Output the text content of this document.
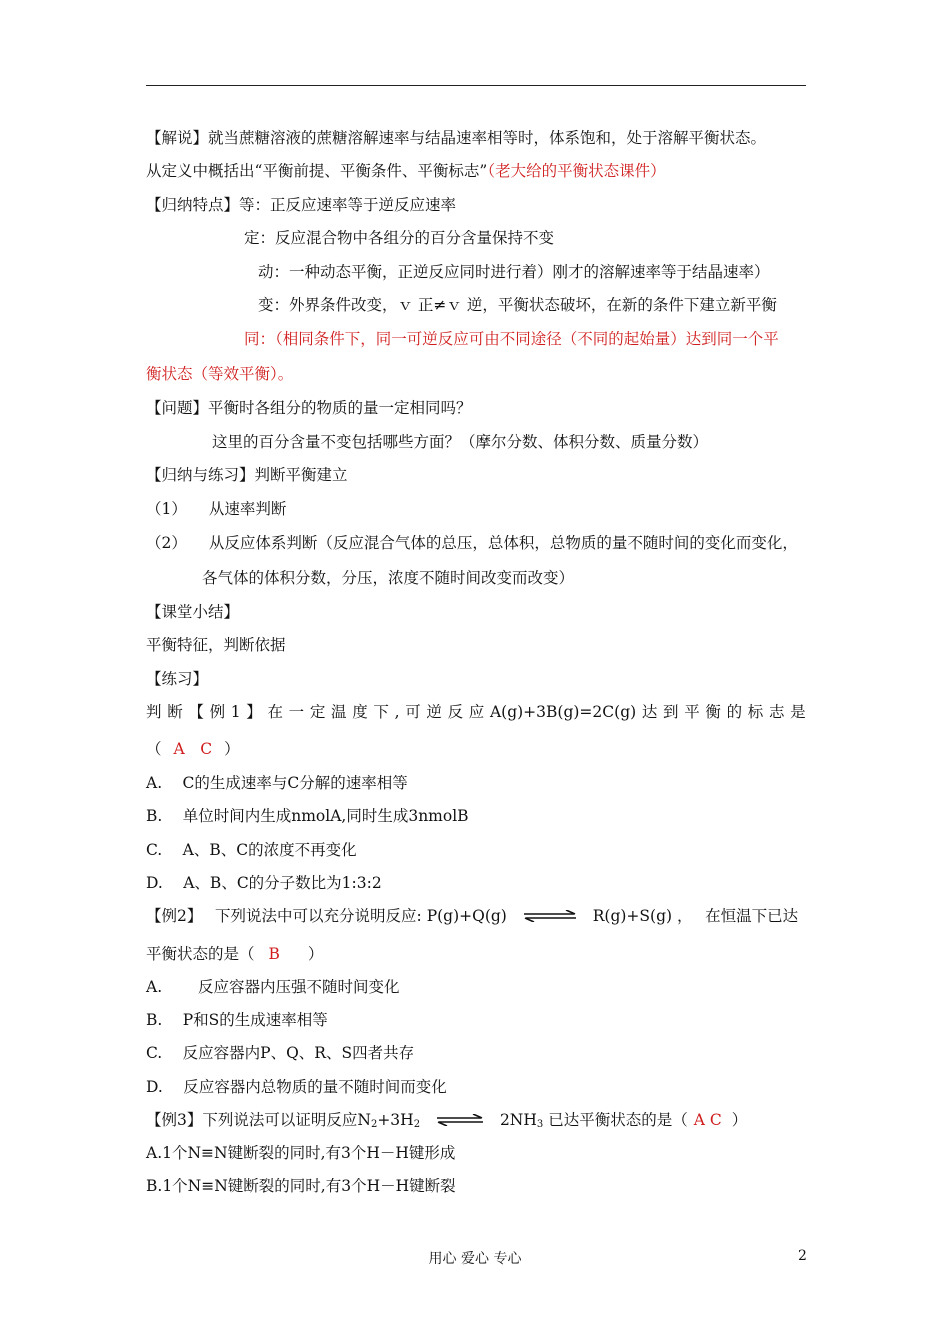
【解说】就当蔗糖溶液的蔗糖溶解速率与结晶速率相等时，体系饱和，处于溶解平衡状态。
从定义中概括出“平衡前提、平衡条件、平衡标志”（老大给的平衡状态课件）
【归纳特点】等：正反应速率等于逆反应速率
定：反应混合物中各组分的百分含量保持不变
动：一种动态平衡，正逆反应同时进行着）刚才的溶解速率等于结晶速率）
变：外界条件改变，ｖ 正≠ｖ 逆，平衡状态破坏，在新的条件下建立新平衡
同：（相同条件下，同一可逆反应可由不同途径（不同的起始量）达到同一个平
衡状态（等效平衡）。
【问题】平衡时各组分的物质的量一定相同吗？
这里的百分含量不变包括哪些方面？（摩尔分数、体积分数、质量分数）
【归纳与练习】判断平衡建立
（1） 从速率判断
（2） 从反应体系判断（反应混合气体的总压，总体积，总物质的量不随时间的变化而变化，
各气体的体积分数，分压，浓度不随时间改变而改变）
【课堂小结】
平衡特征，判断依据
【练习】
判 断 【 例 1 】 在 一 定 温 度 下 , 可 逆 反 应 A(g)+3B(g)=2C(g) 达 到 平 衡 的 标 志 是
（ A　C ）
A.　 C的生成速率与C分解的速率相等
B.　 单位时间内生成nmolA,同时生成3nmolB
C.　 A、B、C的浓度不再变化
D.　 A、B、C的分子数比为1:3:2
【例2】　 下列说法中可以充分说明反应: P(g)+Q(g) ⇌ R(g)+S(g) ，　 在恒温下已达
平衡状态的是（ B ）
A.　　 反应容器内压强不随时间变化
B.　 P和S的生成速率相等
C.　 反应容器内P、Q、R、S四者共存
D.　 反应容器内总物质的量不随时间而变化
【例3】下列说法可以证明反应$N_2+3H_2$ ⇌ $2NH_3$ 已达平衡状态的是（ A C ）
A.1个N≡N键断裂的同时,有3个H－H键形成
B.1个N≡N键断裂的同时,有3个H－H键断裂
用心 爱心 专心	2
